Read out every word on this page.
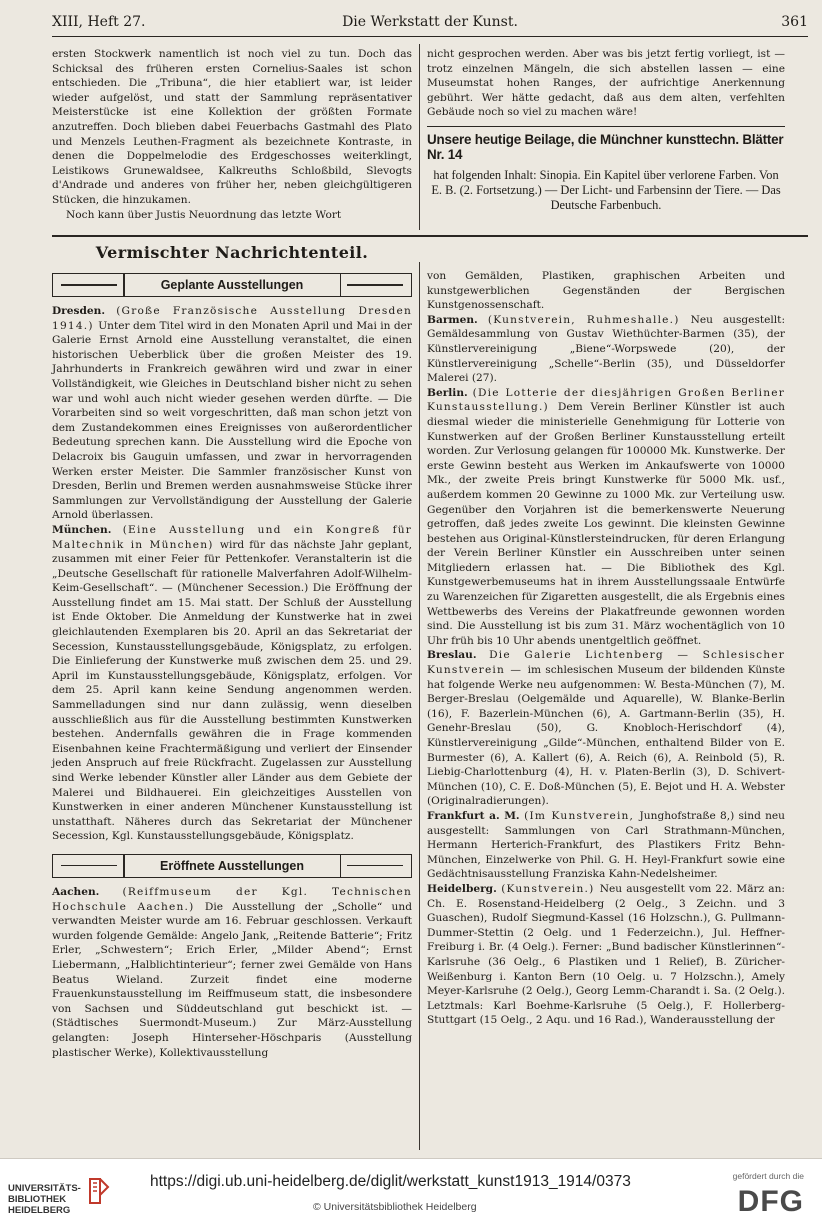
XIII, Heft 27.	Die Werkstatt der Kunst.	361

ersten Stockwerk namentlich ist noch viel zu tun. Doch das Schicksal des früheren ersten Cornelius-Saales ist schon entschieden. Die „Tribuna“, die hier etabliert war, ist leider wieder aufgelöst, und statt der Sammlung repräsentativer Meisterstücke ist eine Kollektion der größten Formate anzutreffen. Doch blieben dabei Feuerbachs Gastmahl des Plato und Menzels Leuthen-Fragment als bezeichnete Kontraste, in denen die Doppelmelodie des Erdgeschosses weiterklingt, Leistikows Grunewaldsee, Kalkreuths Schloßbild, Slevogts d'Andrade und anderes von früher her, neben gleichgültigeren Stücken, die hinzukamen.

Noch kann über Justis Neuordnung das letzte Wort

nicht gesprochen werden. Aber was bis jetzt fertig vorliegt, ist — trotz einzelnen Mängeln, die sich abstellen lassen — eine Museumstat hohen Ranges, der aufrichtige Anerkennung gebührt. Wer hätte gedacht, daß aus dem alten, verfehlten Gebäude noch so viel zu machen wäre!

Unsere heutige Beilage, die Münchner kunsttechn. Blätter Nr. 14
hat folgenden Inhalt: Sinopia. Ein Kapitel über verlorene Farben. Von E. B. (2. Fortsetzung.) — Der Licht- und Farbensinn der Tiere. — Das Deutsche Farbenbuch.
Vermischter Nachrichtenteil.
Geplante Ausstellungen

Dresden. (Große Französische Ausstellung Dresden 1914.) Unter dem Titel wird in den Monaten April und Mai in der Galerie Ernst Arnold eine Ausstellung veranstaltet, die einen historischen Ueberblick über die großen Meister des 19. Jahrhunderts in Frankreich gewähren wird und zwar in einer Vollständigkeit, wie Gleiches in Deutschland bisher nicht zu sehen war und wohl auch nicht wieder gesehen werden dürfte. — Die Vorarbeiten sind so weit vorgeschritten, daß man schon jetzt von dem Zustandekommen eines Ereignisses von außerordentlicher Bedeutung sprechen kann. Die Ausstellung wird die Epoche von Delacroix bis Gauguin umfassen, und zwar in hervorragenden Werken erster Meister. Die Sammler französischer Kunst von Dresden, Berlin und Bremen werden ausnahmsweise Stücke ihrer Sammlungen zur Vervollständigung der Ausstellung der Galerie Arnold überlassen.

München. (Eine Ausstellung und ein Kongreß für Maltechnik in München) wird für das nächste Jahr geplant, zusammen mit einer Feier für Pettenkofer. Veranstalterin ist die „Deutsche Gesellschaft für rationelle Malverfahren Adolf-Wilhelm-Keim-Gesellschaft“. — (Münchener Secession.) Die Eröffnung der Ausstellung findet am 15. Mai statt. Der Schluß der Ausstellung ist Ende Oktober. Die Anmeldung der Kunstwerke hat in zwei gleichlautenden Exemplaren bis 20. April an das Sekretariat der Secession, Kunstausstellungsgebäude, Königsplatz, zu erfolgen. Die Einlieferung der Kunstwerke muß zwischen dem 25. und 29. April im Kunstausstellungsgebäude, Königsplatz, erfolgen. Vor dem 25. April kann keine Sendung angenommen werden. Sammelladungen sind nur dann zulässig, wenn dieselben ausschließlich aus für die Ausstellung bestimmten Kunstwerken bestehen. Andernfalls gewähren die in Frage kommenden Eisenbahnen keine Frachtermäßigung und verliert der Einsender jeden Anspruch auf freie Rückfracht. Zugelassen zur Ausstellung sind Werke lebender Künstler aller Länder aus dem Gebiete der Malerei und Bildhauerei. Ein gleichzeitiges Ausstellen von Kunstwerken in einer anderen Münchener Kunstausstellung ist unstatthaft. Näheres durch das Sekretariat der Münchener Secession, Kgl. Kunstausstellungsgebäude, Königsplatz.

Eröffnete Ausstellungen

Aachen. (Reiffmuseum der Kgl. Technischen Hochschule Aachen.) Die Ausstellung der „Scholle“ und verwandten Meister wurde am 16. Februar geschlossen. Verkauft wurden folgende Gemälde: Angelo Jank, „Reitende Batterie“; Fritz Erler, „Schwestern“; Erich Erler, „Milder Abend“; Ernst Liebermann, „Halblichtinterieur“; ferner zwei Gemälde von Hans Beatus Wieland. Zurzeit findet eine moderne Frauenkunstausstellung im Reiffmuseum statt, die insbesondere von Sachsen und Süddeutschland gut beschickt ist. — (Städtisches Suermondt-Museum.) Zur März-Ausstellung gelangten: Joseph Hinterseher-Höschparis (Ausstellung plastischer Werke), Kollektivausstellung

von Gemälden, Plastiken, graphischen Arbeiten und kunstgewerblichen Gegenständen der Bergischen Kunstgenossenschaft.

Barmen. (Kunstverein, Ruhmeshalle.) Neu ausgestellt: Gemäldesammlung von Gustav Wiethüchter-Barmen (35), der Künstlervereinigung „Biene“-Worpswede (20), der Künstlervereinigung „Schelle“-Berlin (35), und Düsseldorfer Malerei (27).

Berlin. (Die Lotterie der diesjährigen Großen Berliner Kunstausstellung.) Dem Verein Berliner Künstler ist auch diesmal wieder die ministerielle Genehmigung für Lotterie von Kunstwerken auf der Großen Berliner Kunstausstellung erteilt worden. Zur Verlosung gelangen für 100000 Mk. Kunstwerke. Der erste Gewinn besteht aus Werken im Ankaufswerte von 10000 Mk., der zweite Preis bringt Kunstwerke für 5000 Mk. usf., außerdem kommen 20 Gewinne zu 1000 Mk. zur Verteilung usw. Gegenüber den Vorjahren ist die bemerkenswerte Neuerung getroffen, daß jedes zweite Los gewinnt. Die kleinsten Gewinne bestehen aus Original-Künstlersteindrucken, für deren Erlangung der Verein Berliner Künstler ein Ausschreiben unter seinen Mitgliedern erlassen hat. — Die Bibliothek des Kgl. Kunstgewerbemuseums hat in ihrem Ausstellungssaale Entwürfe zu Warenzeichen für Zigaretten ausgestellt, die als Ergebnis eines Wettbewerbs des Vereins der Plakatfreunde gewonnen worden sind. Die Ausstellung ist bis zum 31. März wochentäglich von 10 Uhr früh bis 10 Uhr abends unentgeltlich geöffnet.

Breslau. Die Galerie Lichtenberg — Schlesischer Kunstverein — im schlesischen Museum der bildenden Künste hat folgende Werke neu aufgenommen: W. Besta-München (7), M. Berger-Breslau (Oelgemälde und Aquarelle), W. Blanke-Berlin (16), F. Bazerlein-München (6), A. Gartmann-Berlin (35), H. Genehr-Breslau (50), G. Knobloch-Herischdorf (4), Künstlervereinigung „Gilde“-München, enthaltend Bilder von E. Burmester (6), A. Kallert (6), A. Reich (6), A. Reinbold (5), R. Liebig-Charlottenburg (4), H. v. Platen-Berlin (3), D. Schivert-München (10), C. E. Doß-München (5), E. Bejot und H. A. Webster (Originalradierungen).

Frankfurt a. M. (Im Kunstverein, Junghofstraße 8,) sind neu ausgestellt: Sammlungen von Carl Strathmann-München, Hermann Herterich-Frankfurt, des Plastikers Fritz Behn-München, Einzelwerke von Phil. G. H. Heyl-Frankfurt sowie eine Gedächtnisausstellung Franziska Kahn-Nedelsheimer.

Heidelberg. (Kunstverein.) Neu ausgestellt vom 22. März an: Ch. E. Rosenstand-Heidelberg (2 Oelg., 3 Zeichn. und 3 Guaschen), Rudolf Siegmund-Kassel (16 Holzschn.), G. Pullmann-Dummer-Stettin (2 Oelg. und 1 Federzeichn.), Jul. Heffner-Freiburg i. Br. (4 Oelg.). Ferner: „Bund badischer Künstlerinnen“-Karlsruhe (36 Oelg., 6 Plastiken und 1 Relief), B. Züricher-Weißenburg i. Kanton Bern (10 Oelg. u. 7 Holzschn.), Amely Meyer-Karlsruhe (2 Oelg.), Georg Lemm-Charandt i. Sa. (2 Oelg.). Letztmals: Karl Boehme-Karlsruhe (5 Oelg.), F. Hollerberg-Stuttgart (15 Oelg., 2 Aqu. und 16 Rad.), Wanderausstellung der

UNIVERSITÄTS-
BIBLIOTHEK
HEIDELBERG
https://digi.ub.uni-heidelberg.de/diglit/werkstatt_kunst1913_1914/0373
© Universitätsbibliothek Heidelberg
gefördert durch die
DFG
